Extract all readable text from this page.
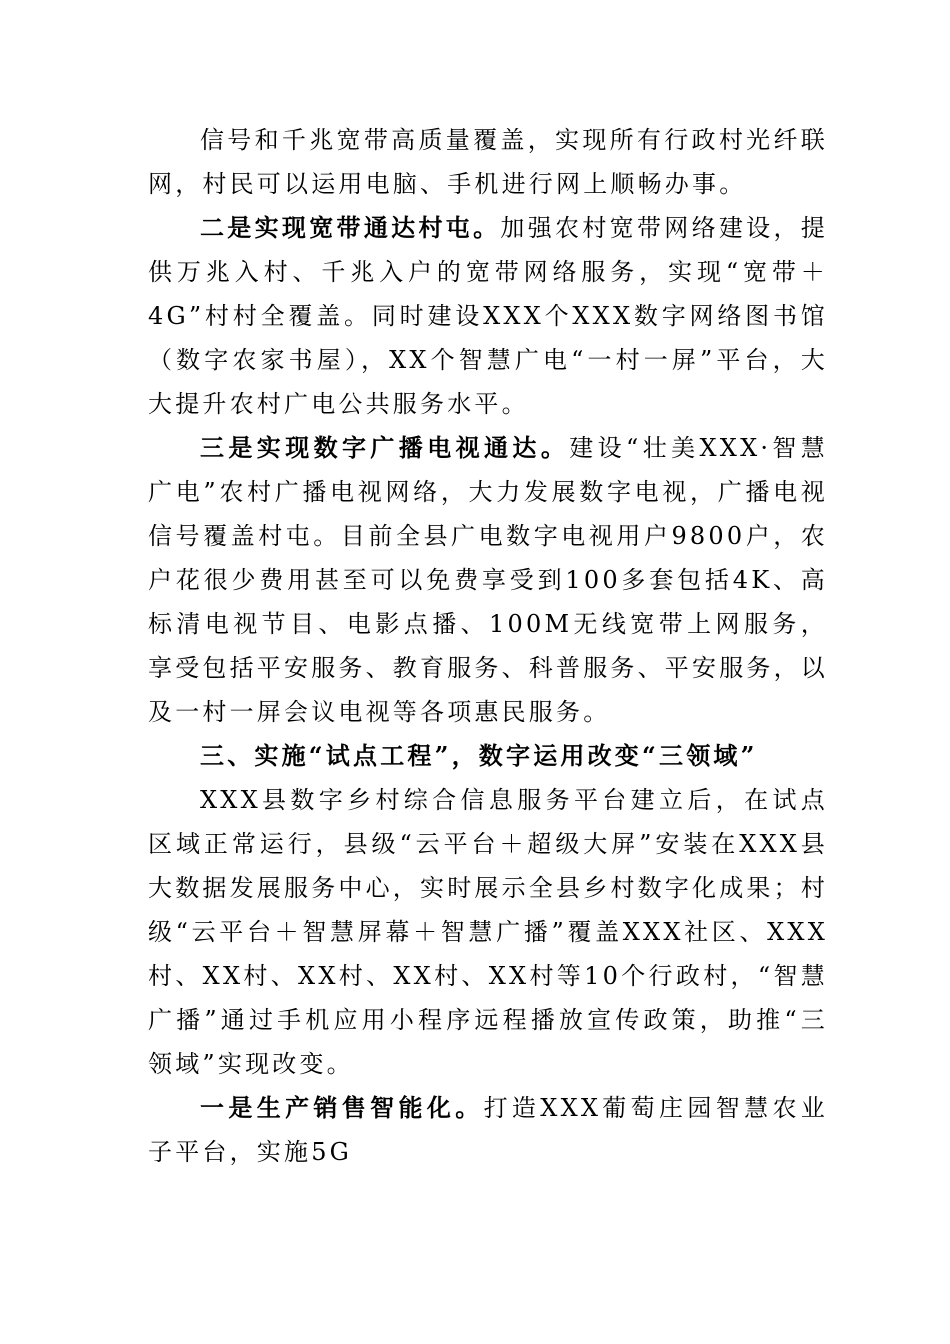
信号和千兆宽带高质量覆盖，实现所有行政村光纤联网，村民可以运用电脑、手机进行网上顺畅办事。

二是实现宽带通达村屯。加强农村宽带网络建设，提供万兆入村、千兆入户的宽带网络服务，实现“宽带＋4G”村村全覆盖。同时建设XXX个XXX数字网络图书馆（数字农家书屋），XX个智慧广电“一村一屏”平台，大大提升农村广电公共服务水平。

三是实现数字广播电视通达。建设“壮美XXX·智慧广电”农村广播电视网络，大力发展数字电视，广播电视信号覆盖村屯。目前全县广电数字电视用户9800户，农户花很少费用甚至可以免费享受到100多套包括4K、高标清电视节目、电影点播、100M无线宽带上网服务，享受包括平安服务、教育服务、科普服务、平安服务，以及一村一屏会议电视等各项惠民服务。

三、实施“试点工程”，数字运用改变“三领域”

XXX县数字乡村综合信息服务平台建立后，在试点区域正常运行，县级“云平台＋超级大屏”安装在XXX县大数据发展服务中心，实时展示全县乡村数字化成果；村级“云平台＋智慧屏幕＋智慧广播”覆盖XXX社区、XXX村、XX村、XX村、XX村、XX村等10个行政村，“智慧广播”通过手机应用小程序远程播放宣传政策，助推“三领域”实现改变。

一是生产销售智能化。打造XXX葡萄庄园智慧农业子平台，实施5G
